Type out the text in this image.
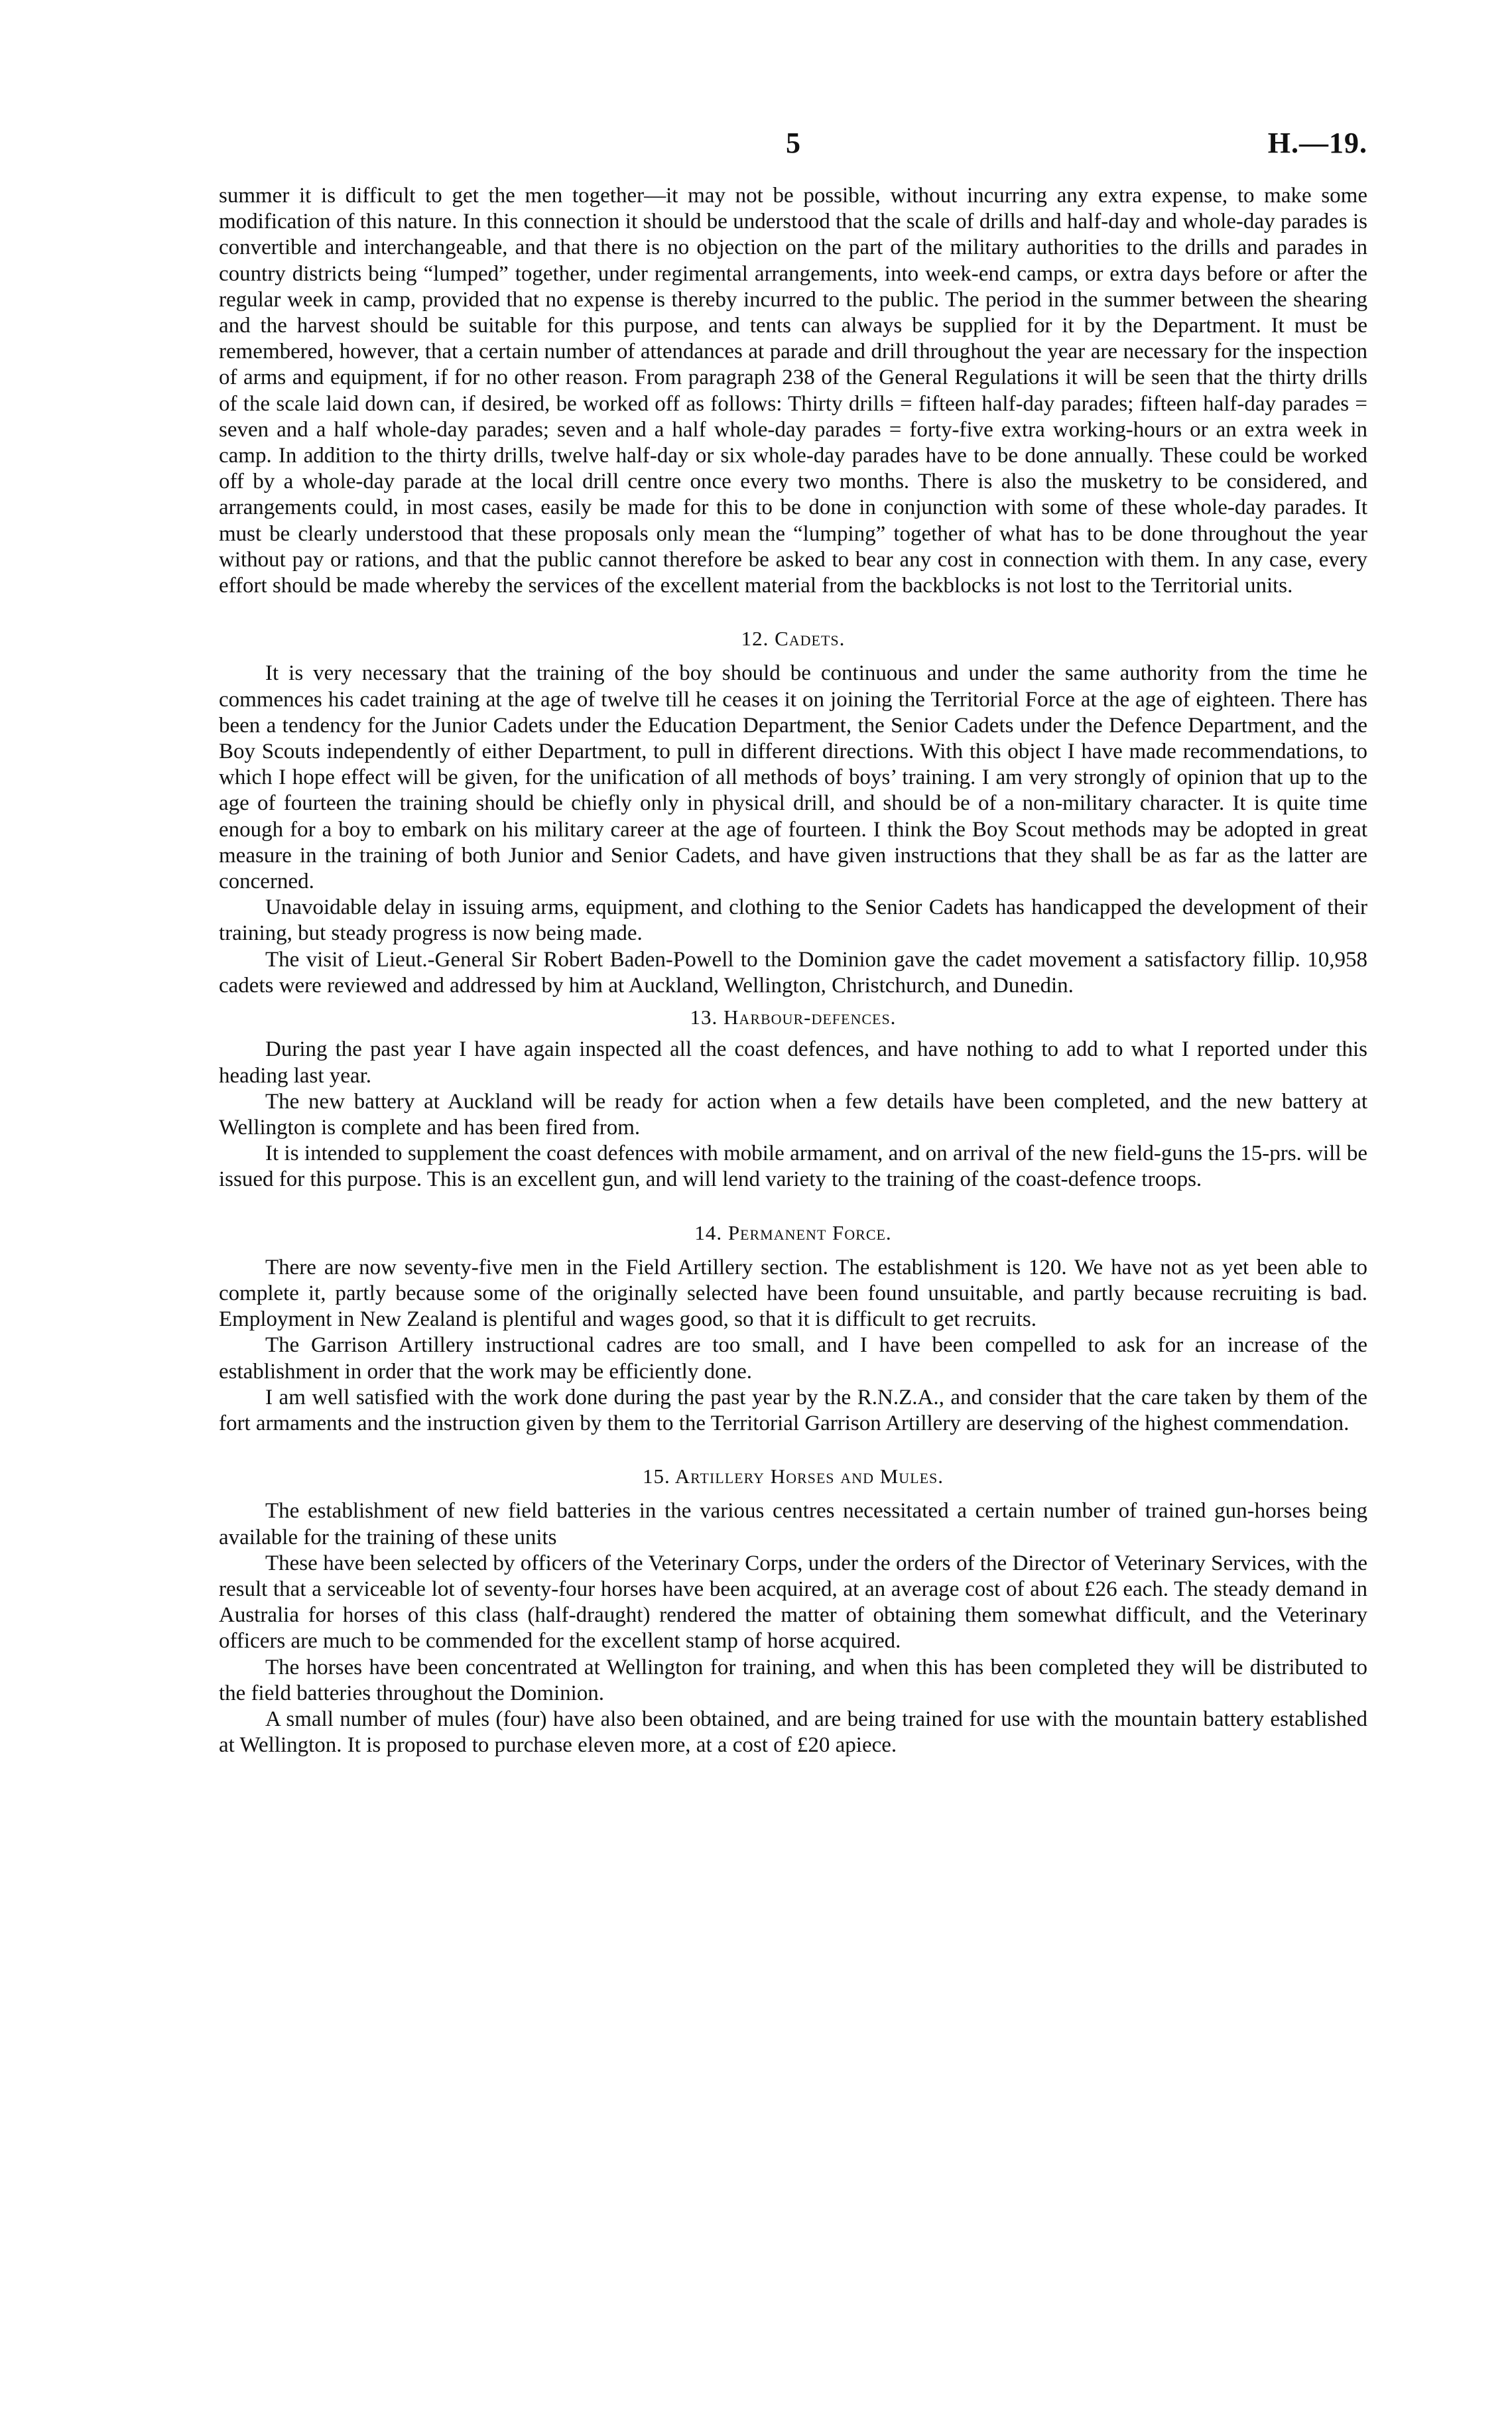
5	H.—19.

summer it is difficult to get the men together—it may not be possible, without incurring any extra expense, to make some modification of this nature. In this connection it should be understood that the scale of drills and half-day and whole-day parades is convertible and interchangeable, and that there is no objection on the part of the military authorities to the drills and parades in country districts being “lumped” together, under regimental arrangements, into week-end camps, or extra days before or after the regular week in camp, provided that no expense is thereby incurred to the public. The period in the summer between the shearing and the harvest should be suitable for this purpose, and tents can always be supplied for it by the Department. It must be remembered, however, that a certain number of attendances at parade and drill throughout the year are necessary for the inspection of arms and equipment, if for no other reason. From paragraph 238 of the General Regulations it will be seen that the thirty drills of the scale laid down can, if desired, be worked off as follows: Thirty drills = fifteen half-day parades; fifteen half-day parades = seven and a half whole-day parades; seven and a half whole-day parades = forty-five extra working-hours or an extra week in camp. In addition to the thirty drills, twelve half-day or six whole-day parades have to be done annually. These could be worked off by a whole-day parade at the local drill centre once every two months. There is also the musketry to be considered, and arrangements could, in most cases, easily be made for this to be done in conjunction with some of these whole-day parades. It must be clearly understood that these proposals only mean the “lumping” together of what has to be done throughout the year without pay or rations, and that the public cannot therefore be asked to bear any cost in connection with them. In any case, every effort should be made whereby the services of the excellent material from the backblocks is not lost to the Territorial units.

12. Cadets.

It is very necessary that the training of the boy should be continuous and under the same authority from the time he commences his cadet training at the age of twelve till he ceases it on joining the Territorial Force at the age of eighteen. There has been a tendency for the Junior Cadets under the Education Department, the Senior Cadets under the Defence Department, and the Boy Scouts independently of either Department, to pull in different directions. With this object I have made recommendations, to which I hope effect will be given, for the unification of all methods of boys’ training. I am very strongly of opinion that up to the age of fourteen the training should be chiefly only in physical drill, and should be of a non-military character. It is quite time enough for a boy to embark on his military career at the age of fourteen. I think the Boy Scout methods may be adopted in great measure in the training of both Junior and Senior Cadets, and have given instructions that they shall be as far as the latter are concerned.

Unavoidable delay in issuing arms, equipment, and clothing to the Senior Cadets has handicapped the development of their training, but steady progress is now being made.

The visit of Lieut.-General Sir Robert Baden-Powell to the Dominion gave the cadet movement a satisfactory fillip. 10,958 cadets were reviewed and addressed by him at Auckland, Wellington, Christchurch, and Dunedin.

13. Harbour-defences.

During the past year I have again inspected all the coast defences, and have nothing to add to what I reported under this heading last year.

The new battery at Auckland will be ready for action when a few details have been completed, and the new battery at Wellington is complete and has been fired from.

It is intended to supplement the coast defences with mobile armament, and on arrival of the new field-guns the 15-prs. will be issued for this purpose. This is an excellent gun, and will lend variety to the training of the coast-defence troops.

14. Permanent Force.

There are now seventy-five men in the Field Artillery section. The establishment is 120. We have not as yet been able to complete it, partly because some of the originally selected have been found unsuitable, and partly because recruiting is bad. Employment in New Zealand is plentiful and wages good, so that it is difficult to get recruits.

The Garrison Artillery instructional cadres are too small, and I have been compelled to ask for an increase of the establishment in order that the work may be efficiently done.

I am well satisfied with the work done during the past year by the R.N.Z.A., and consider that the care taken by them of the fort armaments and the instruction given by them to the Territorial Garrison Artillery are deserving of the highest commendation.

15. Artillery Horses and Mules.

The establishment of new field batteries in the various centres necessitated a certain number of trained gun-horses being available for the training of these units

These have been selected by officers of the Veterinary Corps, under the orders of the Director of Veterinary Services, with the result that a serviceable lot of seventy-four horses have been acquired, at an average cost of about £26 each. The steady demand in Australia for horses of this class (half-draught) rendered the matter of obtaining them somewhat difficult, and the Veterinary officers are much to be commended for the excellent stamp of horse acquired.

The horses have been concentrated at Wellington for training, and when this has been completed they will be distributed to the field batteries throughout the Dominion.

A small number of mules (four) have also been obtained, and are being trained for use with the mountain battery established at Wellington. It is proposed to purchase eleven more, at a cost of £20 apiece.
